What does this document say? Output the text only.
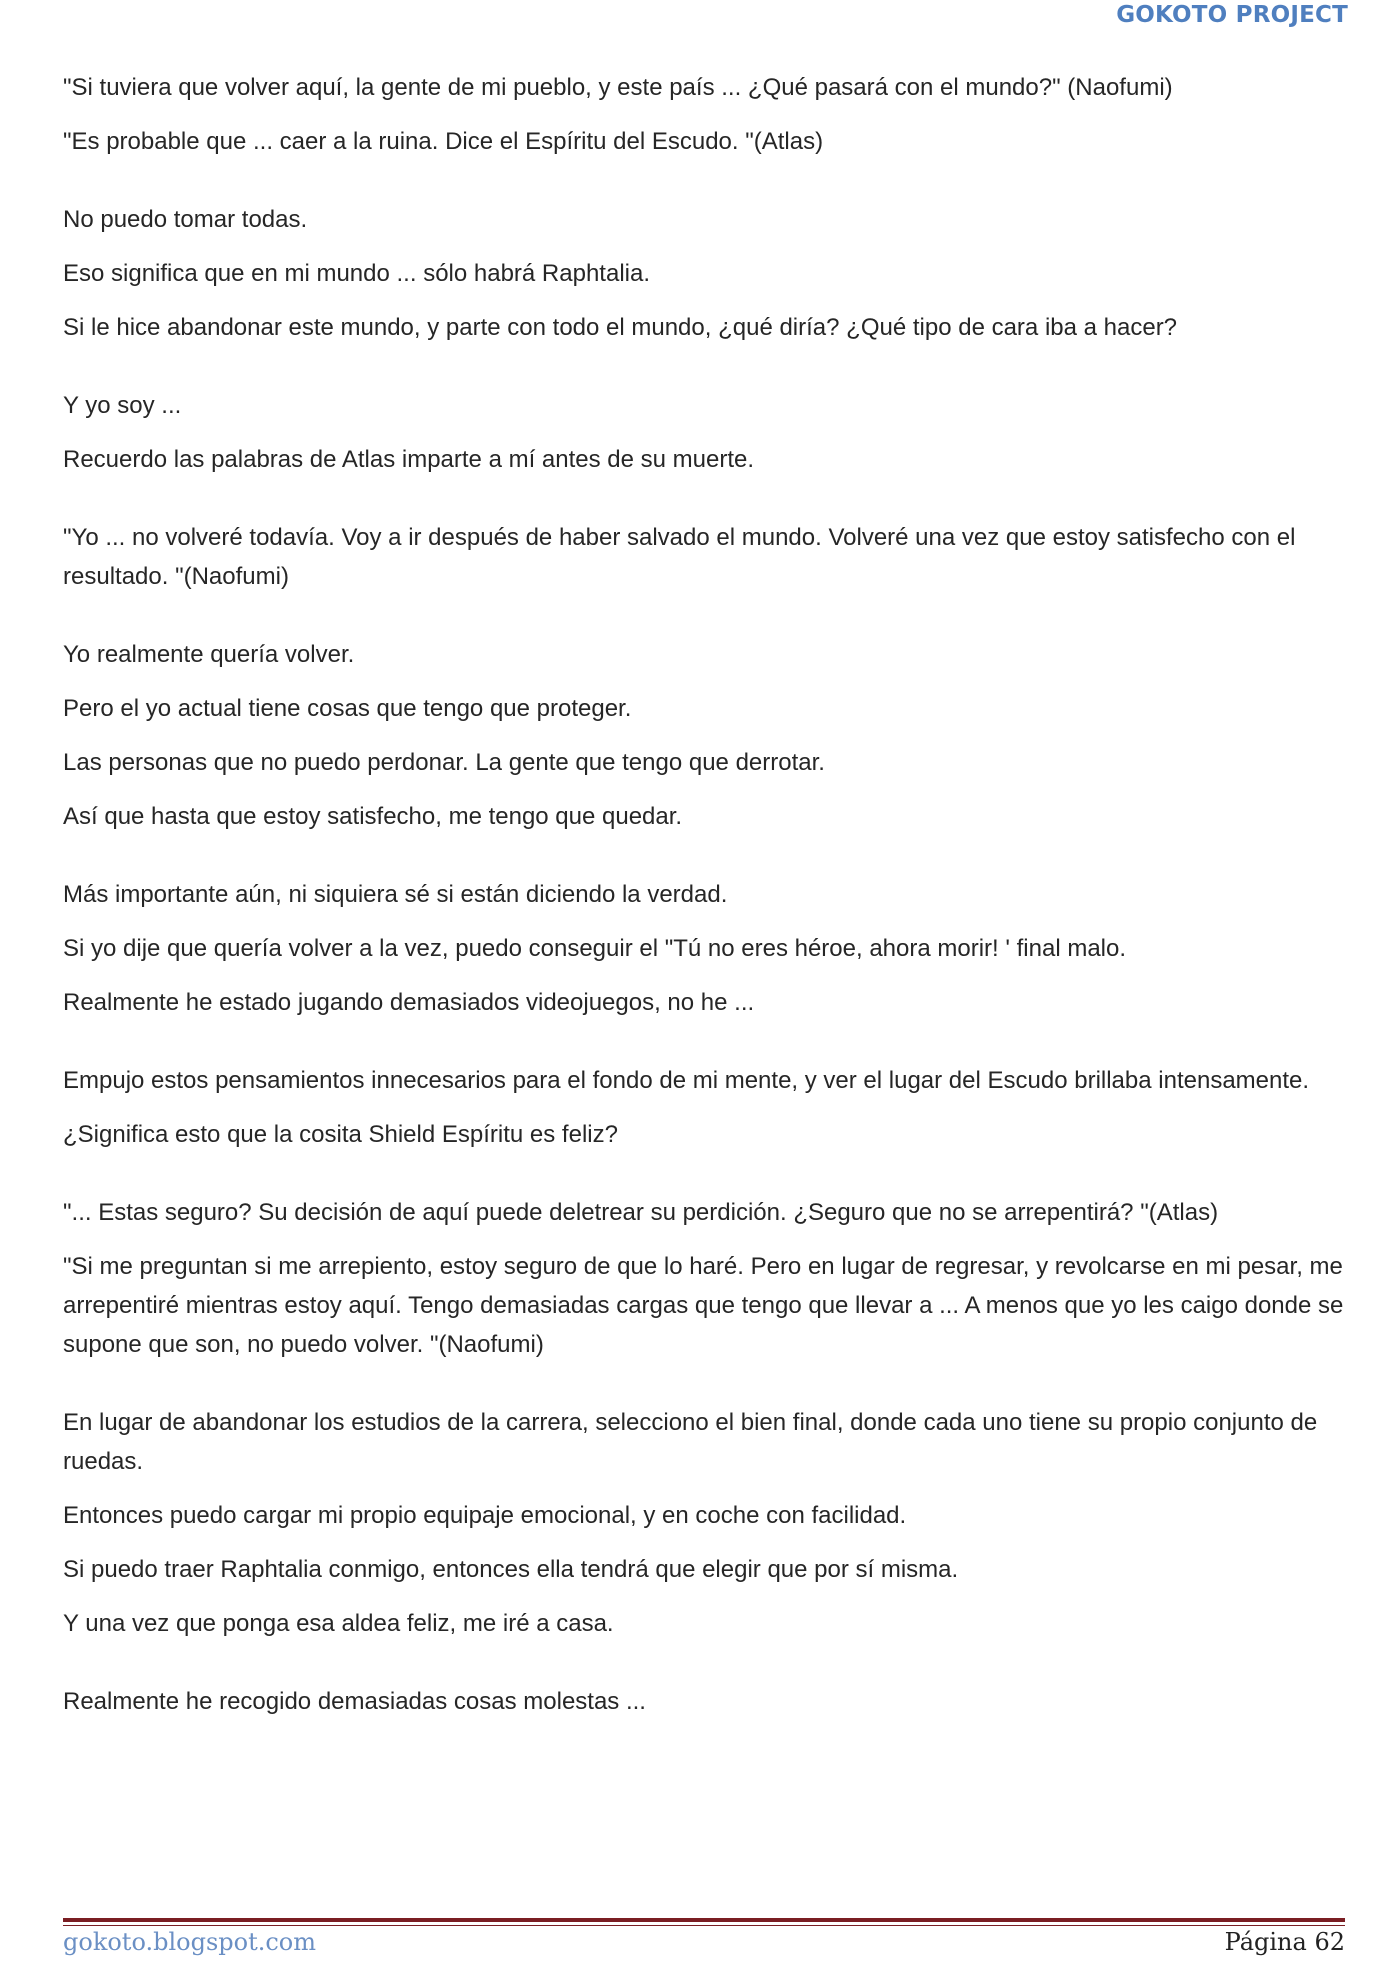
GOKOTO PROJECT

"Si tuviera que volver aquí, la gente de mi pueblo, y este país ... ¿Qué pasará con el mundo?" (Naofumi)

"Es probable que ... caer a la ruina. Dice el Espíritu del Escudo. "(Atlas)

No puedo tomar todas.

Eso significa que en mi mundo ... sólo habrá Raphtalia.

Si le hice abandonar este mundo, y parte con todo el mundo, ¿qué diría? ¿Qué tipo de cara iba a hacer?

Y yo soy ...

Recuerdo las palabras de Atlas imparte a mí antes de su muerte.

"Yo ... no volveré todavía. Voy a ir después de haber salvado el mundo. Volveré una vez que estoy satisfecho con el resultado. "(Naofumi)

Yo realmente quería volver.

Pero el yo actual tiene cosas que tengo que proteger.

Las personas que no puedo perdonar. La gente que tengo que derrotar.

Así que hasta que estoy satisfecho, me tengo que quedar.

Más importante aún, ni siquiera sé si están diciendo la verdad.

Si yo dije que quería volver a la vez, puedo conseguir el "Tú no eres héroe, ahora morir! ' final malo.

Realmente he estado jugando demasiados videojuegos, no he ...

Empujo estos pensamientos innecesarios para el fondo de mi mente, y ver el lugar del Escudo brillaba intensamente.

¿Significa esto que la cosita Shield Espíritu es feliz?

"... Estas seguro? Su decisión de aquí puede deletrear su perdición. ¿Seguro que no se arrepentirá? "(Atlas)

"Si me preguntan si me arrepiento, estoy seguro de que lo haré. Pero en lugar de regresar, y revolcarse en mi pesar, me arrepentiré mientras estoy aquí. Tengo demasiadas cargas que tengo que llevar a ... A menos que yo les caigo donde se supone que son, no puedo volver. "(Naofumi)

En lugar de abandonar los estudios de la carrera, selecciono el bien final, donde cada uno tiene su propio conjunto de ruedas.

Entonces puedo cargar mi propio equipaje emocional, y en coche con facilidad.

Si puedo traer Raphtalia conmigo, entonces ella tendrá que elegir que por sí misma.

Y una vez que ponga esa aldea feliz, me iré a casa.

Realmente he recogido demasiadas cosas molestas ...

gokoto.blogspot.com	Página 62
